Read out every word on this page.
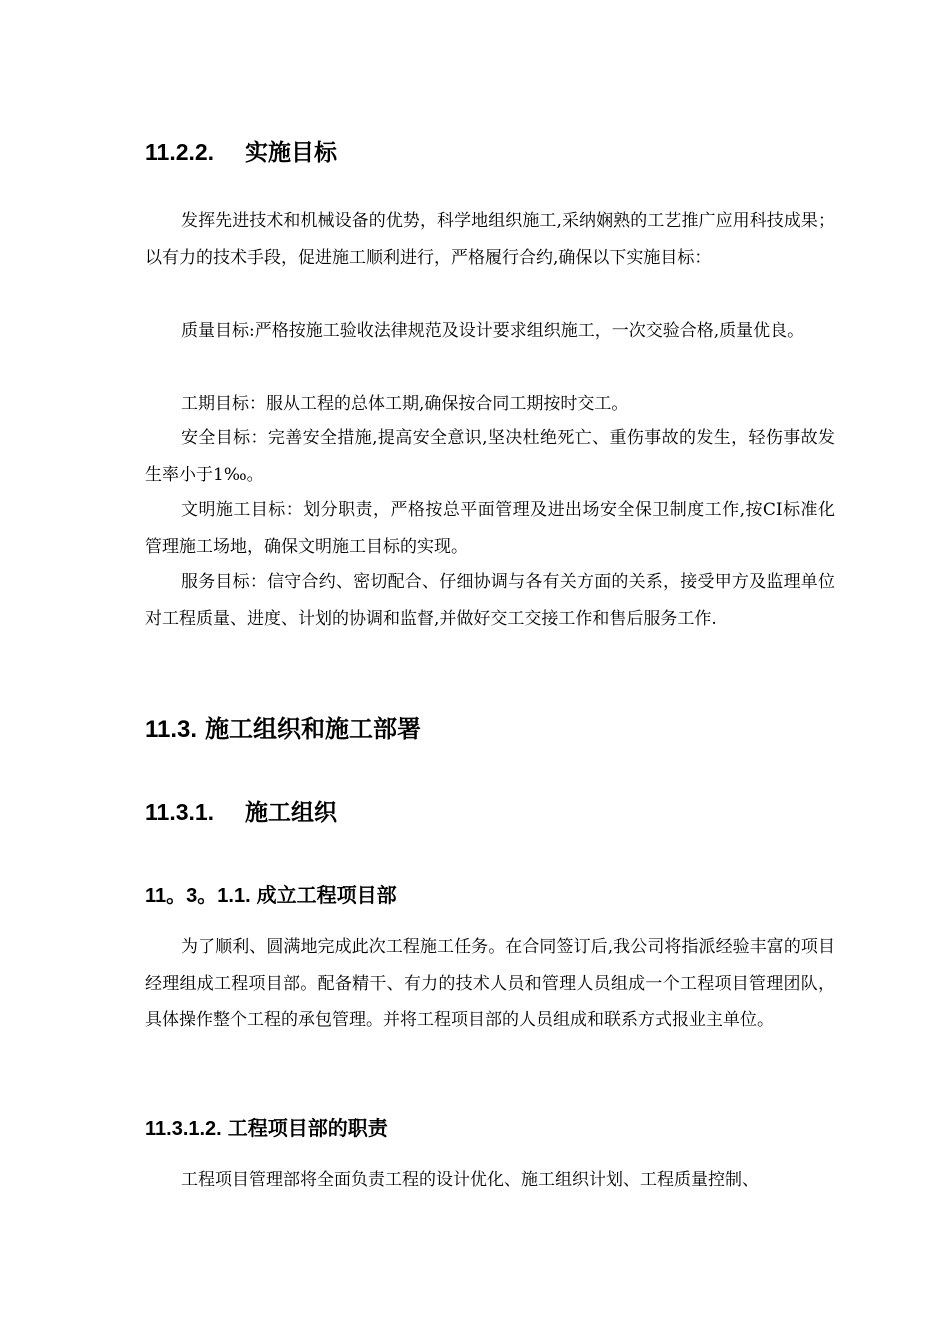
11.2.2. 实施目标

发挥先进技术和机械设备的优势，科学地组织施工,采纳娴熟的工艺推广应用科技成果；以有力的技术手段，促进施工顺利进行，严格履行合约,确保以下实施目标：

质量目标:严格按施工验收法律规范及设计要求组织施工，一次交验合格,质量优良。

工期目标：服从工程的总体工期,确保按合同工期按时交工。

安全目标：完善安全措施,提高安全意识,坚决杜绝死亡、重伤事故的发生，轻伤事故发生率小于1‰。

文明施工目标：划分职责，严格按总平面管理及进出场安全保卫制度工作,按CI标准化管理施工场地，确保文明施工目标的实现。

服务目标：信守合约、密切配合、仔细协调与各有关方面的关系，接受甲方及监理单位对工程质量、进度、计划的协调和监督,并做好交工交接工作和售后服务工作.

11.3. 施工组织和施工部署
11.3.1. 施工组织
11。3。1.1. 成立工程项目部

为了顺利、圆满地完成此次工程施工任务。在合同签订后,我公司将指派经验丰富的项目经理组成工程项目部。配备精干、有力的技术人员和管理人员组成一个工程项目管理团队，具体操作整个工程的承包管理。并将工程项目部的人员组成和联系方式报业主单位。

11.3.1.2. 工程项目部的职责

工程项目管理部将全面负责工程的设计优化、施工组织计划、工程质量控制、
